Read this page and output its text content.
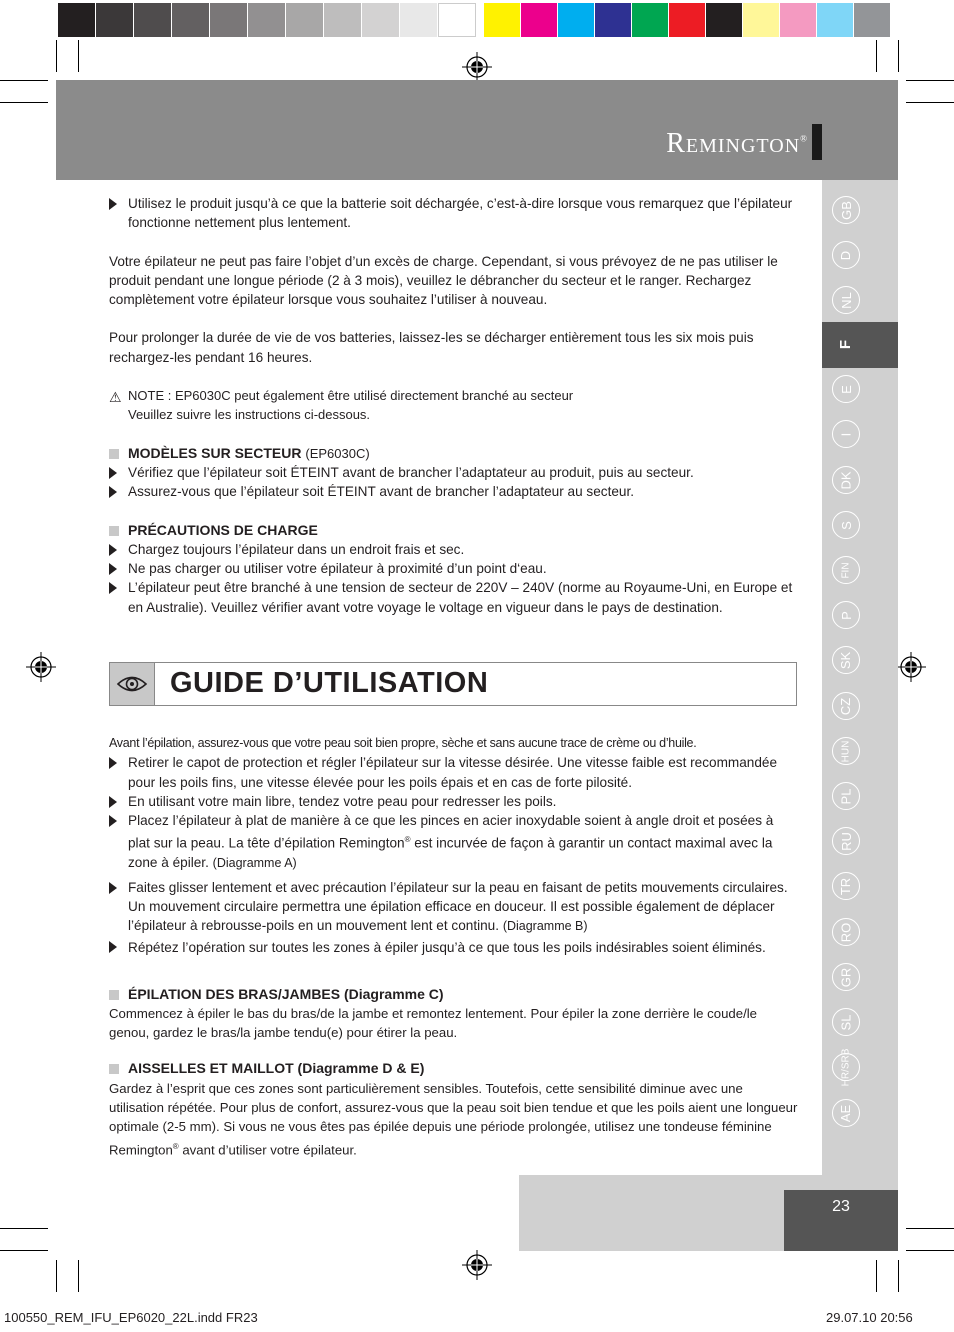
Remington®
GB
D
NL
F
E
I
DK
S
FIN
P
SK
CZ
HUN
PL
RU
TR
RO
GR
SL
HR/SRB
AE
23

Utilisez le produit jusqu’à ce que la batterie soit déchargée, c’est-à-dire lorsque vous remarquez que l’épilateur fonctionne nettement plus lentement.

Votre épilateur ne peut pas faire l’objet d’un excès de charge. Cependant, si vous prévoyez de ne pas utiliser le produit pendant une longue période (2 à 3 mois), veuillez le débrancher du secteur et le ranger. Rechargez complètement votre épilateur lorsque vous souhaitez l’utiliser à nouveau.

Pour prolonger la durée de vie de vos batteries, laissez-les se décharger entièrement tous les six mois puis rechargez-les pendant 16 heures.

⚠ NOTE : EP6030C peut également être utilisé directement branché au secteur

Veuillez suivre les instructions ci-dessous.

MODÈLES SUR SECTEUR (EP6030C)

Vérifiez que l’épilateur soit ÉTEINT avant de brancher l’adaptateur au produit, puis au secteur.

Assurez-vous que l’épilateur soit ÉTEINT avant de brancher l’adaptateur au secteur.

PRÉCAUTIONS DE CHARGE

Chargez toujours l’épilateur dans un endroit frais et sec.

Ne pas charger ou utiliser votre épilateur à proximité d’un point d‘eau.

L’épilateur peut être branché à une tension de secteur de 220V – 240V (norme au Royaume-Uni, en Europe et en Australie). Veuillez vérifier avant votre voyage le voltage en vigueur dans le pays de destination.

GUIDE D’UTILISATION

Avant l’épilation, assurez-vous que votre peau soit bien propre, sèche et sans aucune trace de crème ou d’huile.

Retirer le capot de protection et régler l’épilateur sur la vitesse désirée. Une vitesse faible est recommandée pour les poils fins, une vitesse élevée pour les poils épais et en cas de forte pilosité.

En utilisant votre main libre, tendez votre peau pour redresser les poils.

Placez l’épilateur à plat de manière à ce que les pinces en acier inoxydable soient à angle droit et posées à plat sur la peau. La tête d’épilation Remington® est incurvée de façon à garantir un contact maximal avec la zone à épiler. (Diagramme A)

Faites glisser lentement et avec précaution l’épilateur sur la peau en faisant de petits mouvements circulaires. Un mouvement circulaire permettra une épilation efficace en douceur. Il est possible également de déplacer l’épilateur à rebrousse-poils en un mouvement lent et continu. (Diagramme B)

Répétez l’opération sur toutes les zones à épiler jusqu’à ce que tous les poils indésirables soient éliminés.

ÉPILATION DES BRAS/JAMBES (Diagramme C)

Commencez à épiler le bas du bras/de la jambe et remontez lentement. Pour épiler la zone derrière le coude/le genou, gardez le bras/la jambe tendu(e) pour étirer la peau.

AISSELLES ET MAILLOT (Diagramme D & E)

Gardez à l’esprit que ces zones sont particulièrement sensibles. Toutefois, cette sensibilité diminue avec une utilisation répétée. Pour plus de confort, assurez-vous que la peau soit bien tendue et que les poils aient une longueur optimale (2-5 mm). Si vous ne vous êtes pas épilée depuis une période prolongée, utilisez une tondeuse féminine Remington® avant d’utiliser votre épilateur.

100550_REM_IFU_EP6020_22L.indd FR23	29.07.10 20:56
